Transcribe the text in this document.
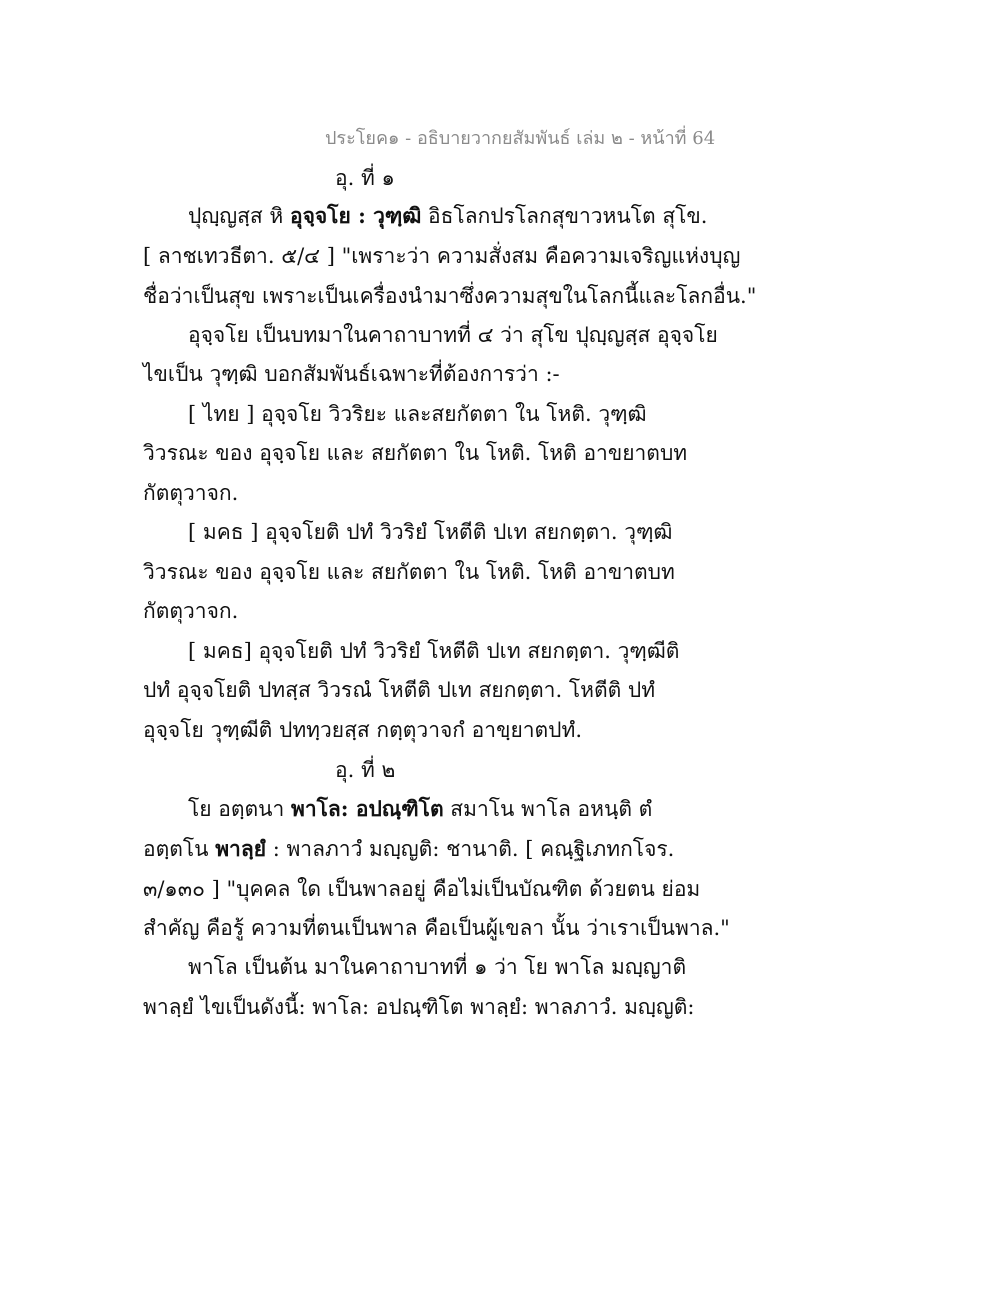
ประโยค๑ - อธิบายวากยสัมพันธ์ เล่ม ๒ - หน้าที่ 64
อุ. ที่ ๑
ปุญฺญสฺส หิ อุจฺจโย : วุฑฺฒิ อิธโลกปรโลกสุขาวหนโต สุโข.
[ ลาชเทวธีตา. ๕/๔ ] "เพราะว่า ความสั่งสม คือความเจริญแห่งบุญ
ชื่อว่าเป็นสุข เพราะเป็นเครื่องนำมาซึ่งความสุขในโลกนี้และโลกอื่น."
อุจฺจโย เป็นบทมาในคาถาบาทที่ ๔ ว่า สุโข ปุญฺญสฺส อุจฺจโย
ไขเป็น วุฑฺฒิ บอกสัมพันธ์เฉพาะที่ต้องการว่า :-
[ ไทย ] อุจฺจโย วิวริยะ และสยกัตตา ใน โหติ. วุฑฺฒิ
วิวรณะ ของ อุจฺจโย และ สยกัตตา ใน โหติ. โหติ อาขยาตบท
กัตตุวาจก.
[ มคธ ] อุจฺจโยติ ปทํ วิวริยํ โหตีติ ปเท สยกตฺตา. วุฑฺฒิ
วิวรณะ ของ อุจฺจโย และ สยกัตตา ใน โหติ. โหติ อาขาตบท
กัตตุวาจก.
[ มคธ] อุจฺจโยติ ปทํ วิวริยํ โหตีติ ปเท สยกตฺตา. วุฑฺฒีติ
ปทํ อุจฺจโยติ ปทสฺส วิวรณํ โหตีติ ปเท สยกตฺตา. โหตีติ ปทํ
อุจฺจโย วุฑฺฒีติ ปททฺวยสฺส กตฺตุวาจกํ อาขฺยาตปทํ.
อุ. ที่ ๒
โย อตฺตนา พาโล: อปณฺฑิโต สมาโน พาโล อหนฺติ ตํ
อตฺตโน พาลฺยํ : พาลภาวํ มญฺญติ: ชานาติ. [ คณฺฐิเภทกโจร.
๓/๑๓๐ ] "บุคคล ใด เป็นพาลอยู่ คือไม่เป็นบัณฑิต ด้วยตน ย่อม
สำคัญ คือรู้ ความที่ตนเป็นพาล คือเป็นผู้เขลา นั้น ว่าเราเป็นพาล."
พาโล เป็นต้น มาในคาถาบาทที่ ๑ ว่า โย พาโล มญฺญาติ
พาลฺยํ ไขเป็นดังนี้: พาโล: อปณฺฑิโต พาลฺยํ: พาลภาวํ. มญฺญติ:
